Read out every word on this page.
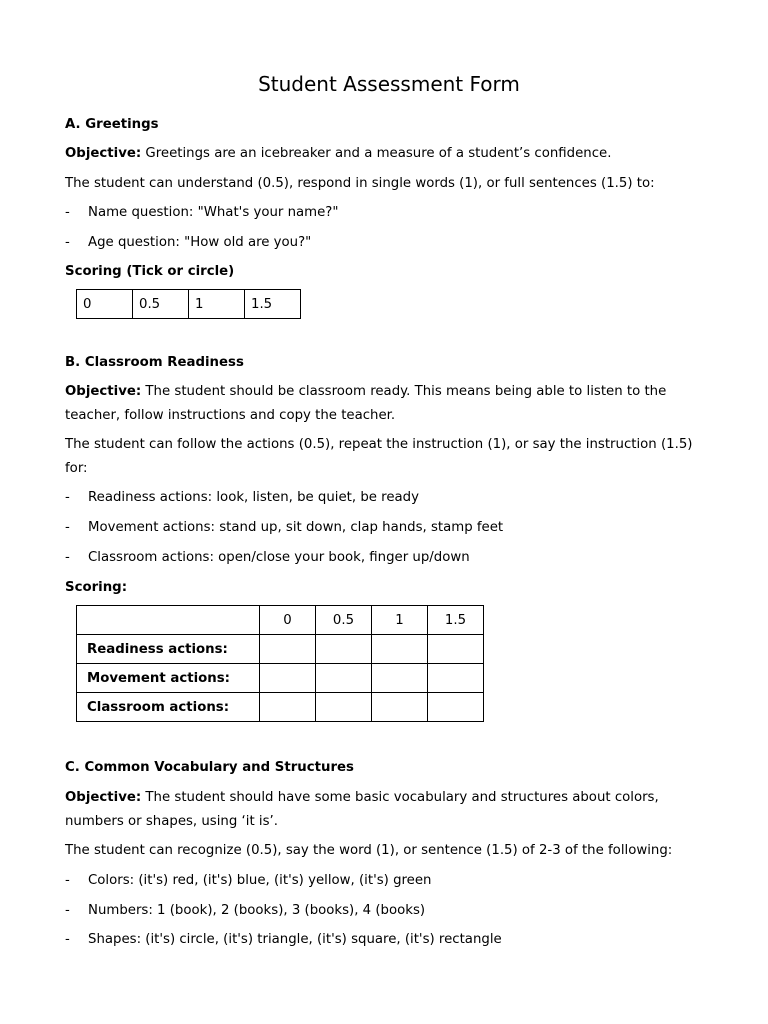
Student Assessment Form
A. Greetings
Objective: Greetings are an icebreaker and a measure of a student’s confidence.
The student can understand (0.5), respond in single words (1), or full sentences (1.5) to:
- Name question: "What's your name?"
- Age question: "How old are you?"
Scoring (Tick or circle)
0	0.5	1	1.5
B. Classroom Readiness
Objective: The student should be classroom ready. This means being able to listen to the teacher, follow instructions and copy the teacher.
The student can follow the actions (0.5), repeat the instruction (1), or say the instruction (1.5) for:
- Readiness actions: look, listen, be quiet, be ready
- Movement actions: stand up, sit down, clap hands, stamp feet
- Classroom actions: open/close your book, finger up/down
Scoring:
	0	0.5	1	1.5
Readiness actions:				
Movement actions:				
Classroom actions:				
C. Common Vocabulary and Structures
Objective: The student should have some basic vocabulary and structures about colors, numbers or shapes, using ‘it is’.
The student can recognize (0.5), say the word (1), or sentence (1.5) of 2-3 of the following:
- Colors: (it's) red, (it's) blue, (it's) yellow, (it's) green
- Numbers: 1 (book), 2 (books), 3 (books), 4 (books)
- Shapes: (it's) circle, (it's) triangle, (it's) square, (it's) rectangle
